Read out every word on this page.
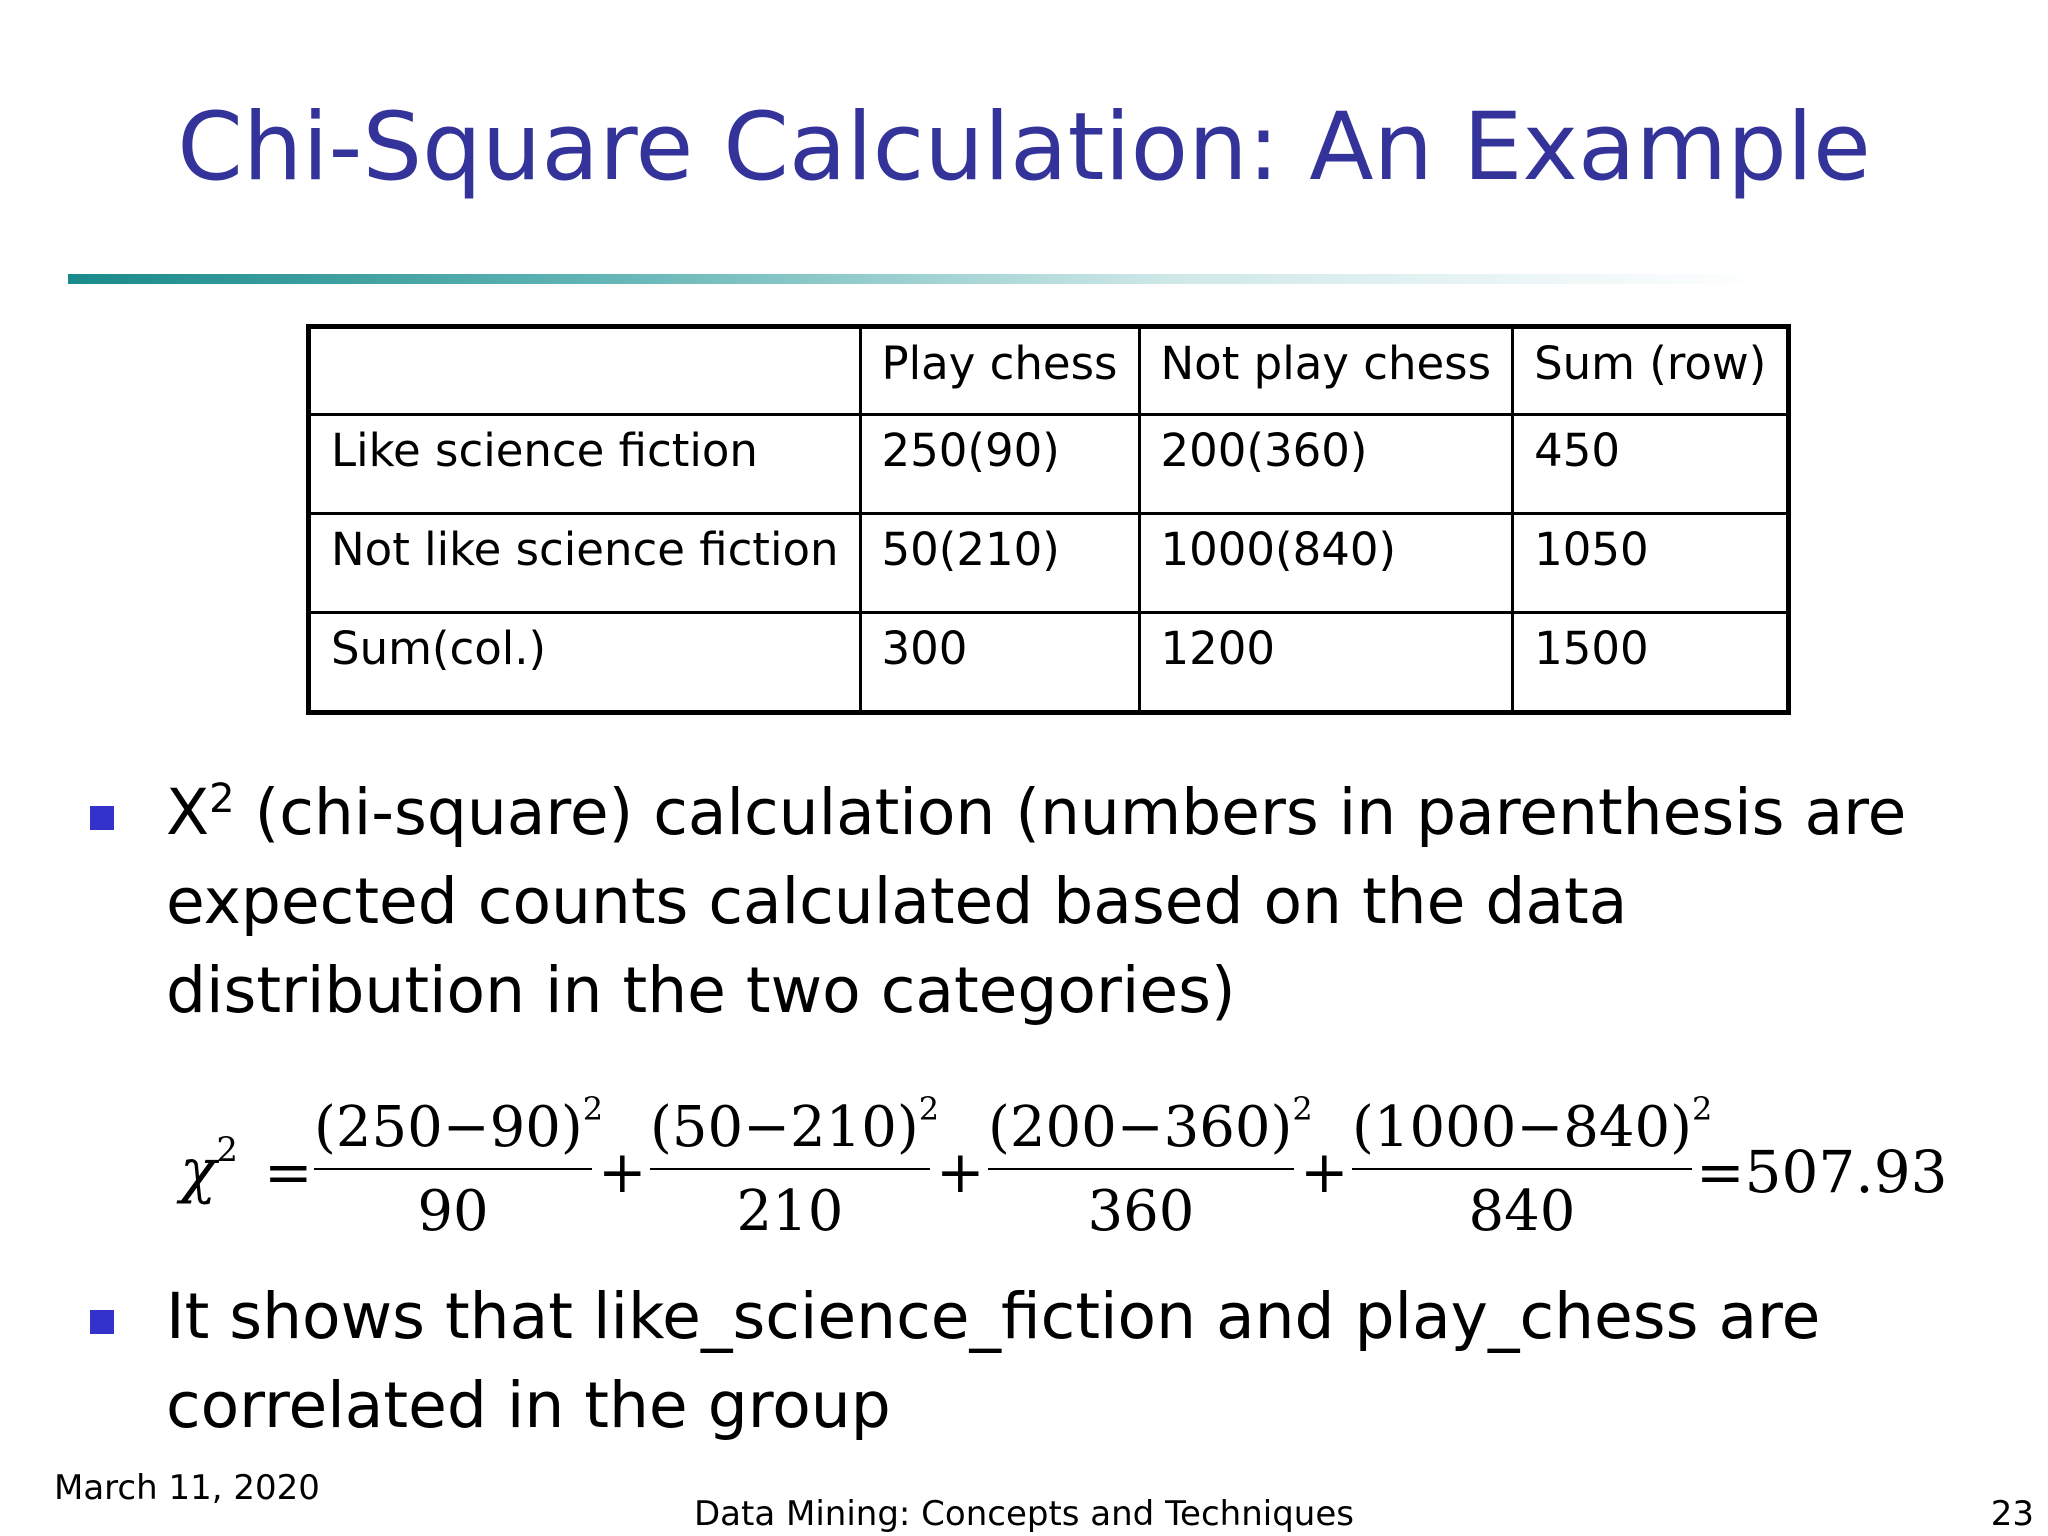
Chi-Square Calculation: An Example
	Play chess	Not play chess	Sum (row)
Like science fiction	250(90)	200(360)	450
Not like science fiction	50(210)	1000(840)	1050
Sum(col.)	300	1200	1500
$X^2$ (chi-square) calculation (numbers in parenthesis are expected counts calculated based on the data distribution in the two categories)
$\chi^2$ =
$(250-90)^2$
90
+
$(50-210)^2$
210
+
$(200-360)^2$
360
+
$(1000-840)^2$
840
=507.93
It shows that like_science_fiction and play_chess are correlated in the group
March 11, 2020
Data Mining: Concepts and Techniques	23
